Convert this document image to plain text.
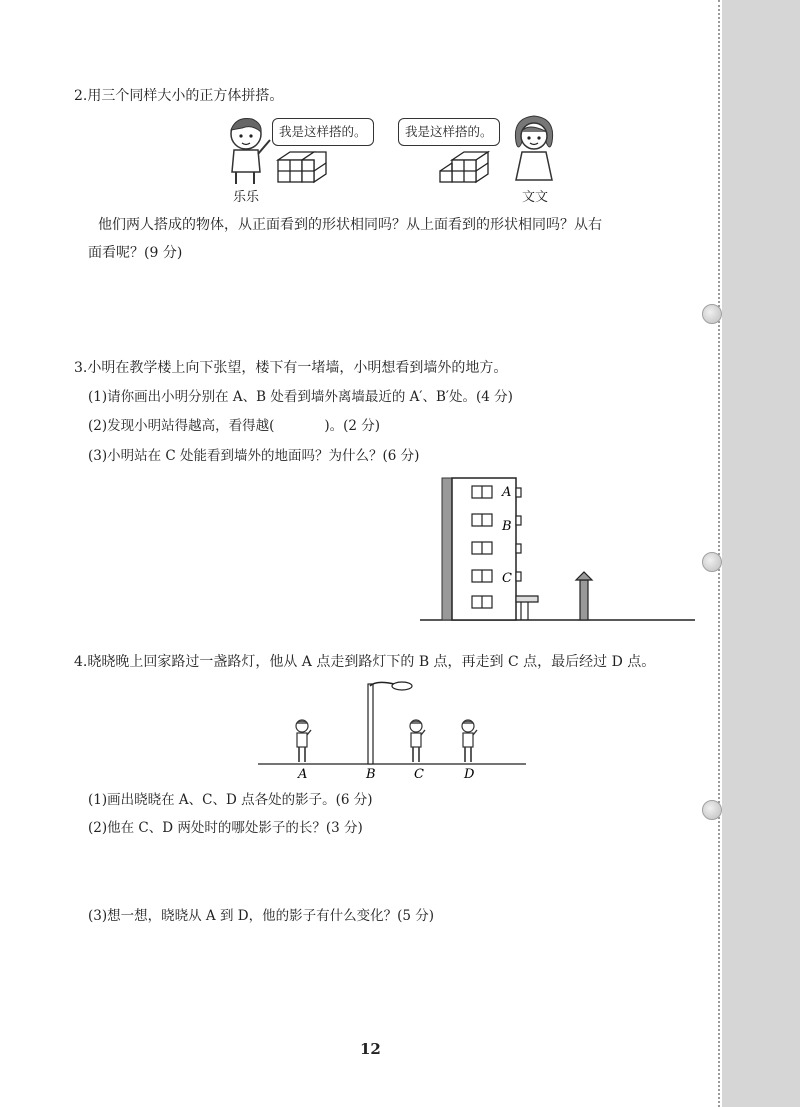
2.用三个同样大小的正方体拼搭。
我是这样搭的。
乐乐
我是这样搭的。
文文
他们两人搭成的物体，从正面看到的形状相同吗？从上面看到的形状相同吗？从右
面看呢？(9 分)
3.小明在教学楼上向下张望，楼下有一堵墙，小明想看到墙外的地方。
(1)请你画出小明分别在 A、B 处看到墙外离墙最近的 A′、B′处。(4 分)
(2)发现小明站得越高，看得越(	)。(2 分)
(3)小明站在 C 处能看到墙外的地面吗？为什么？(6 分)
A
B
C
4.晓晓晚上回家路过一盏路灯，他从 A 点走到路灯下的 B 点，再走到 C 点，最后经过 D 点。
A	B	C	D
(1)画出晓晓在 A、C、D 点各处的影子。(6 分)
(2)他在 C、D 两处时的哪处影子的长？(3 分)
(3)想一想，晓晓从 A 到 D，他的影子有什么变化？(5 分)
12
